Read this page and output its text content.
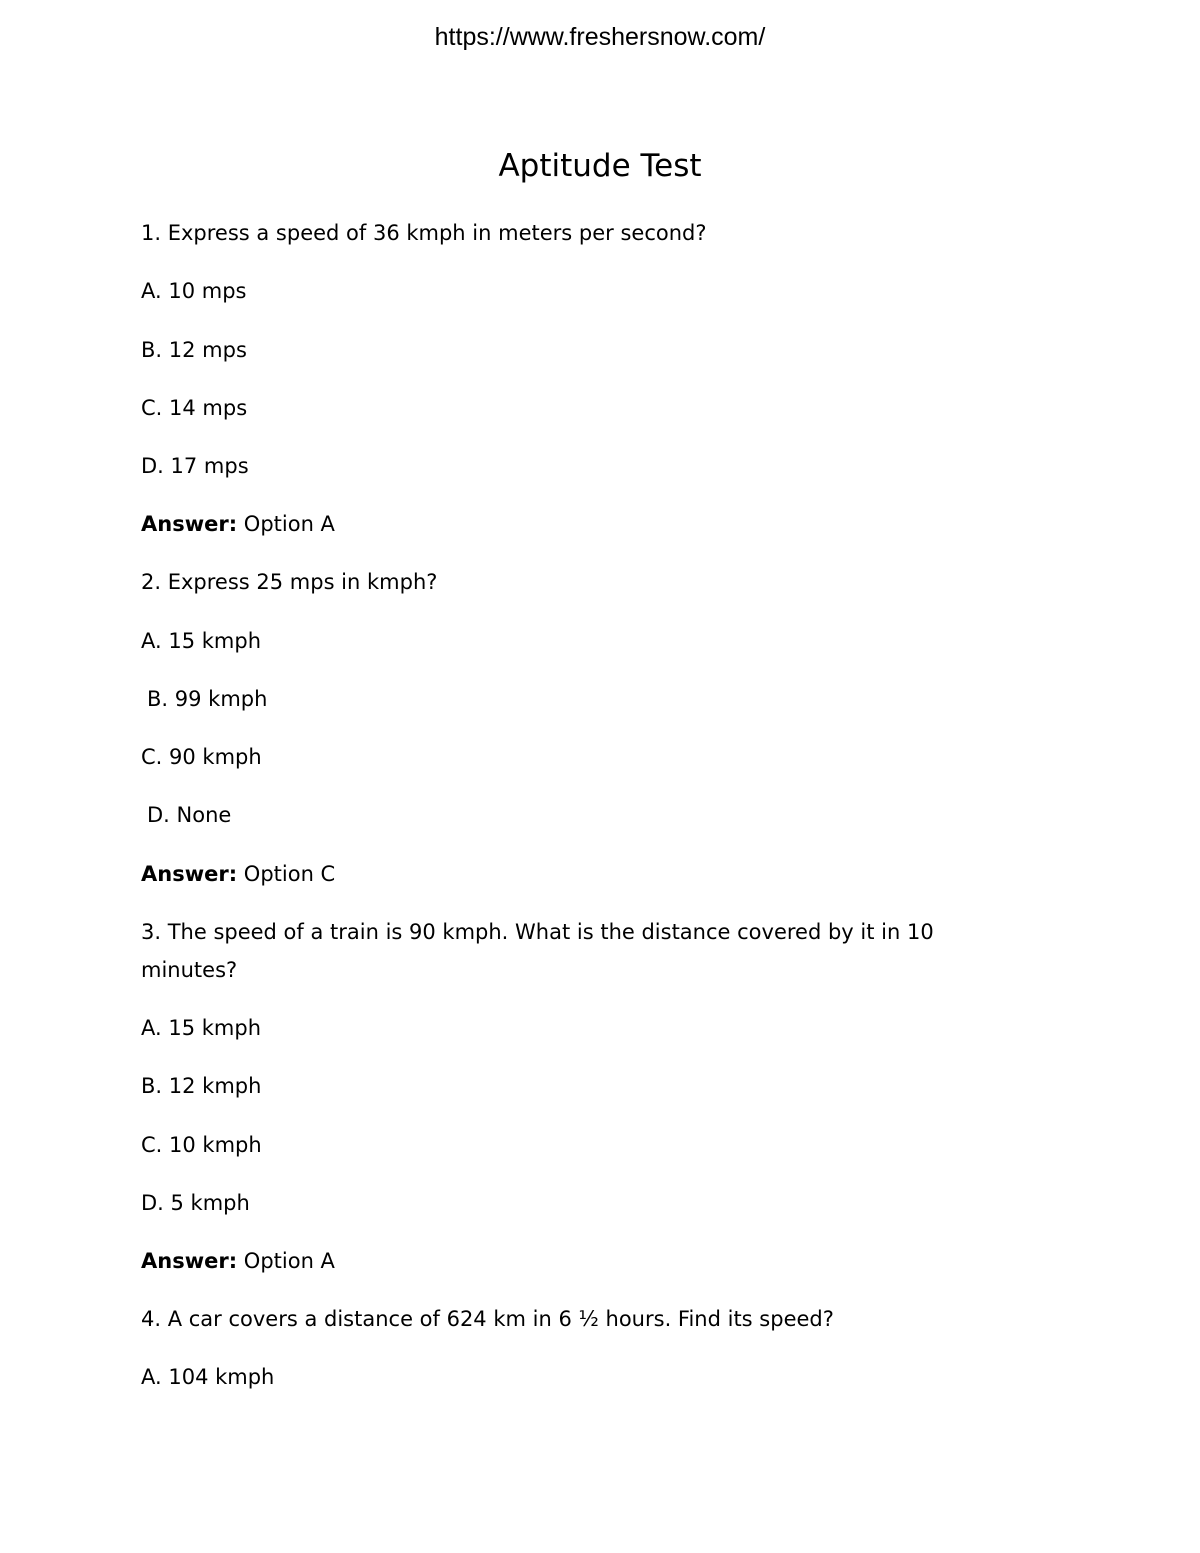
https://www.freshersnow.com/
Aptitude Test
1. Express a speed of 36 kmph in meters per second?
A. 10 mps
B. 12 mps
C. 14 mps
D. 17 mps
Answer: Option A
2. Express 25 mps in kmph?
A. 15 kmph
B. 99 kmph
C. 90 kmph
D. None
Answer: Option C
3. The speed of a train is 90 kmph. What is the distance covered by it in 10
minutes?
A. 15 kmph
B. 12 kmph
C. 10 kmph
D. 5 kmph
Answer: Option A
4. A car covers a distance of 624 km in 6 ½ hours. Find its speed?
A. 104 kmph
